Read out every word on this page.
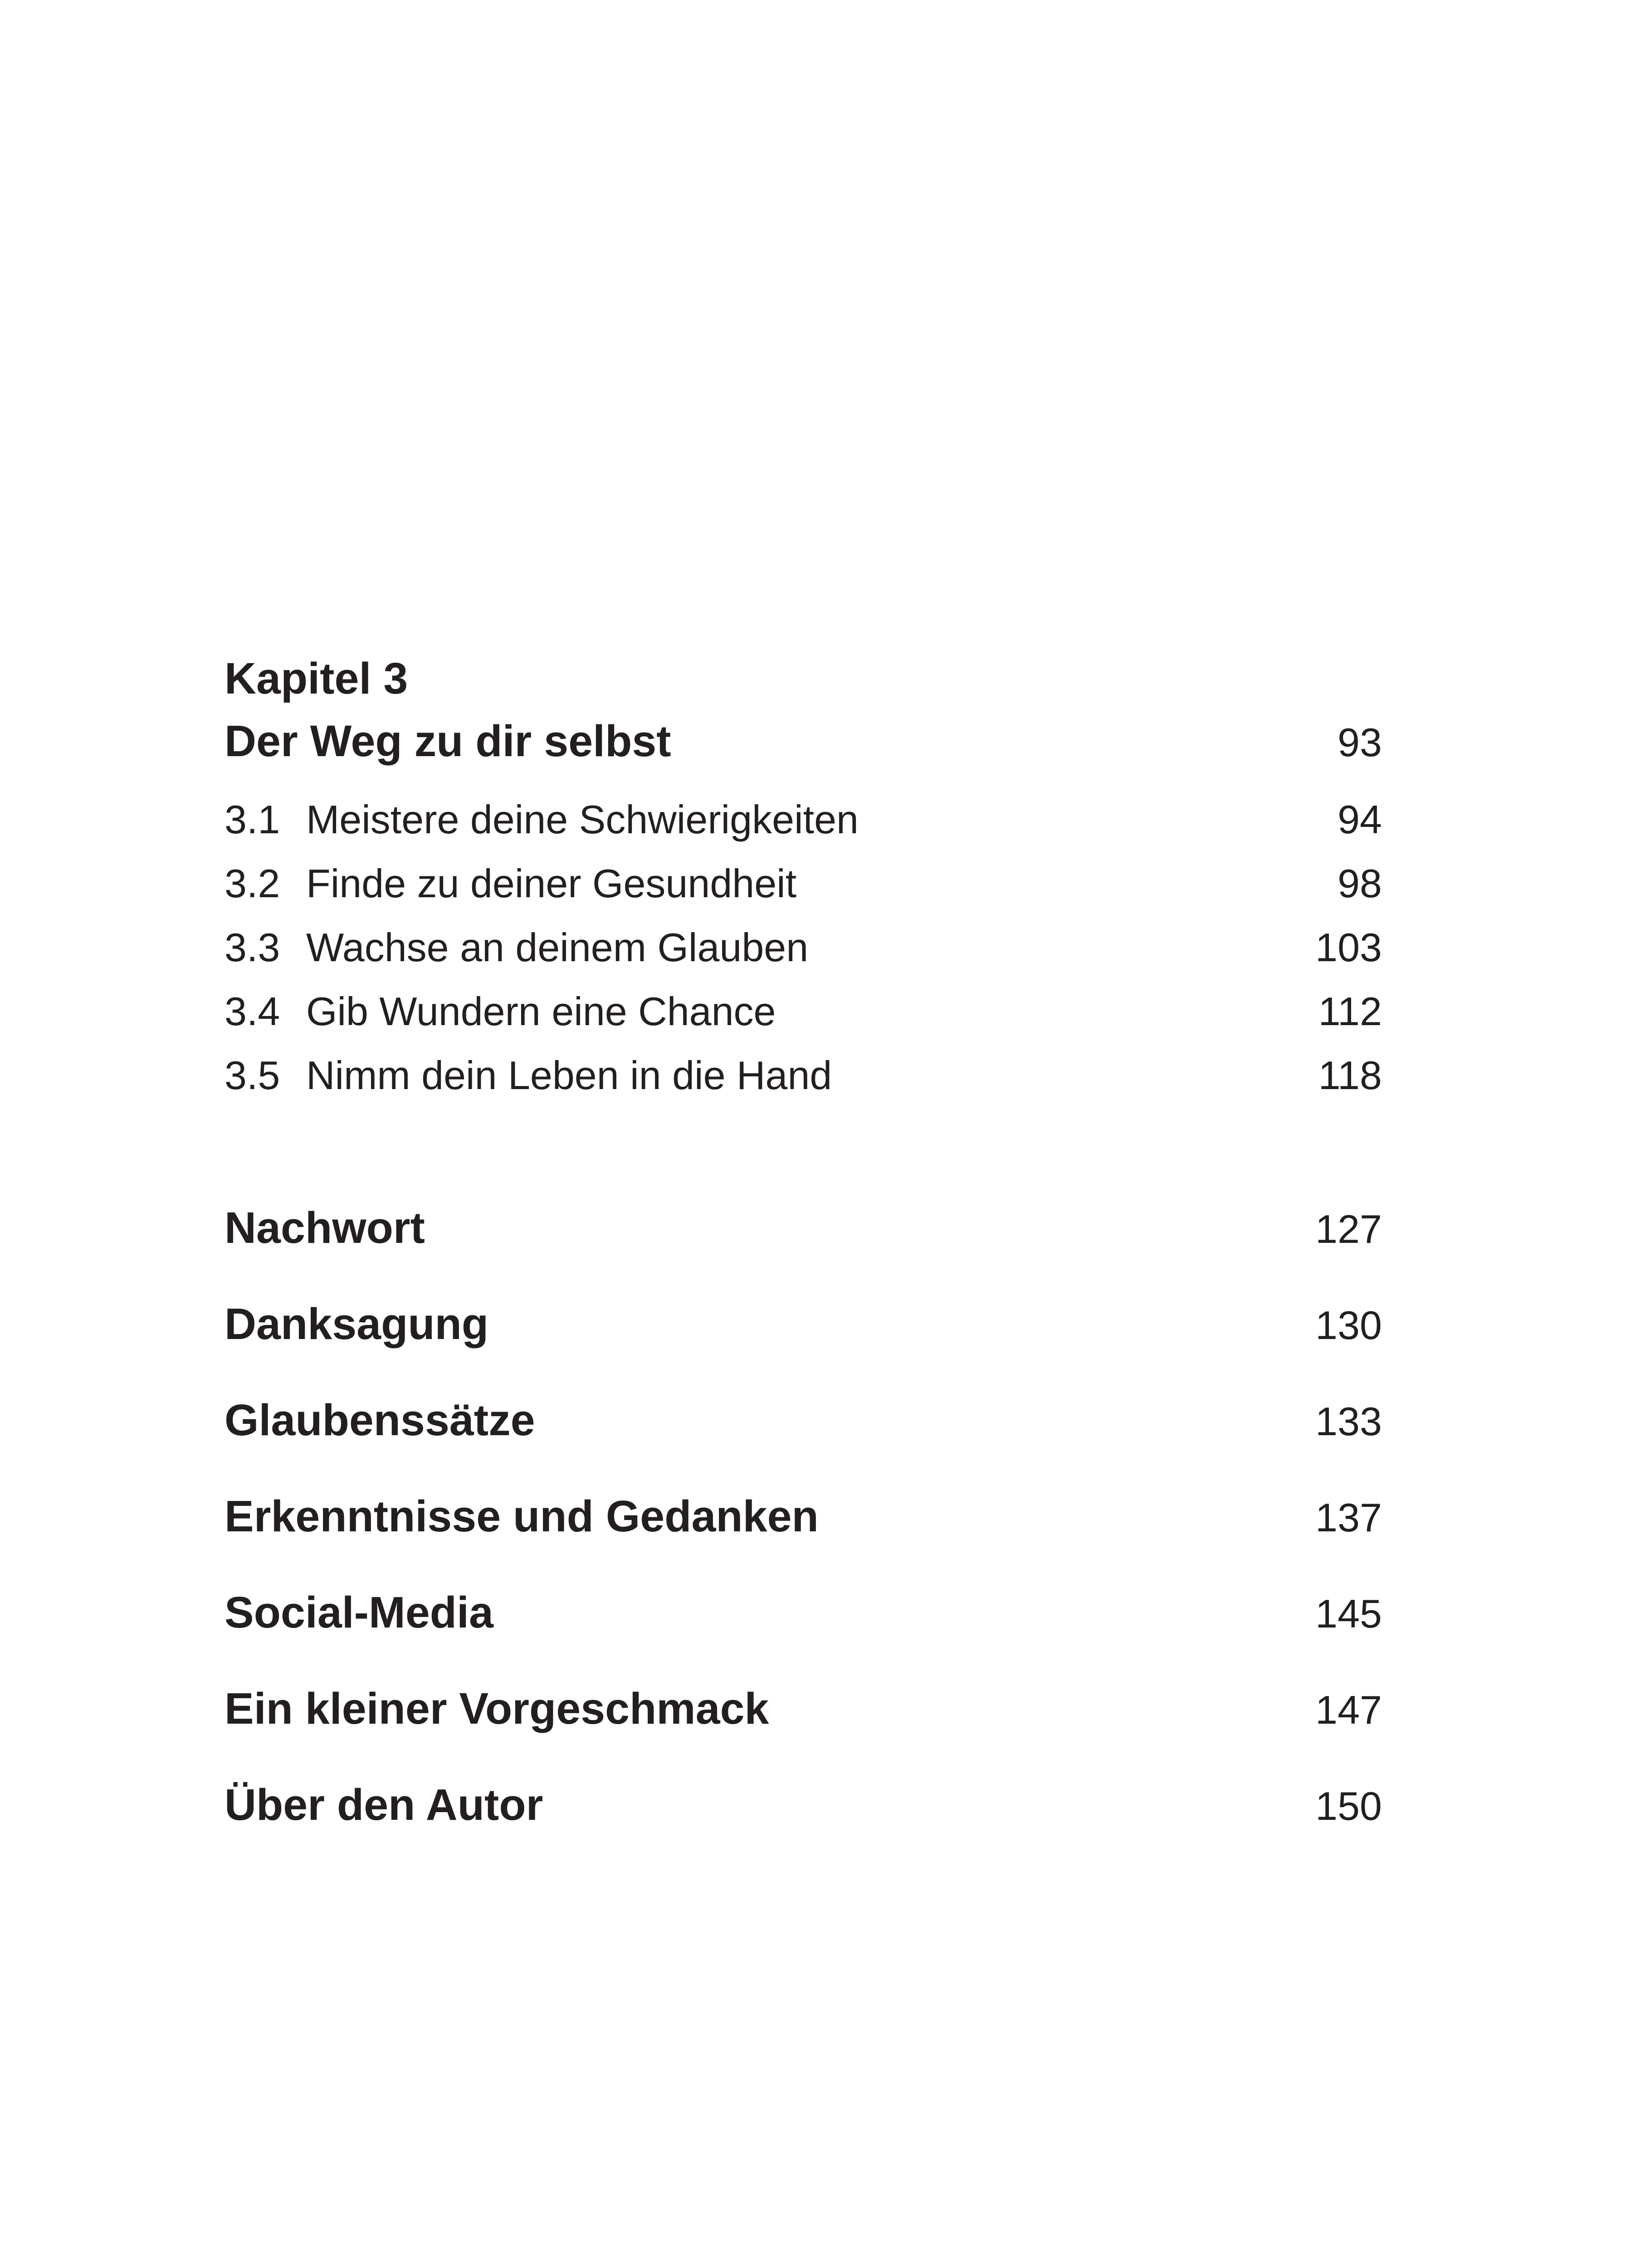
Kapitel 3
Der Weg zu dir selbst	93
3.1 Meistere deine Schwierigkeiten	94
3.2 Finde zu deiner Gesundheit	98
3.3 Wachse an deinem Glauben	103
3.4 Gib Wundern eine Chance	112
3.5 Nimm dein Leben in die Hand	118
Nachwort	127
Danksagung	130
Glaubenssätze	133
Erkenntnisse und Gedanken	137
Social-Media	145
Ein kleiner Vorgeschmack	147
Über den Autor	150
